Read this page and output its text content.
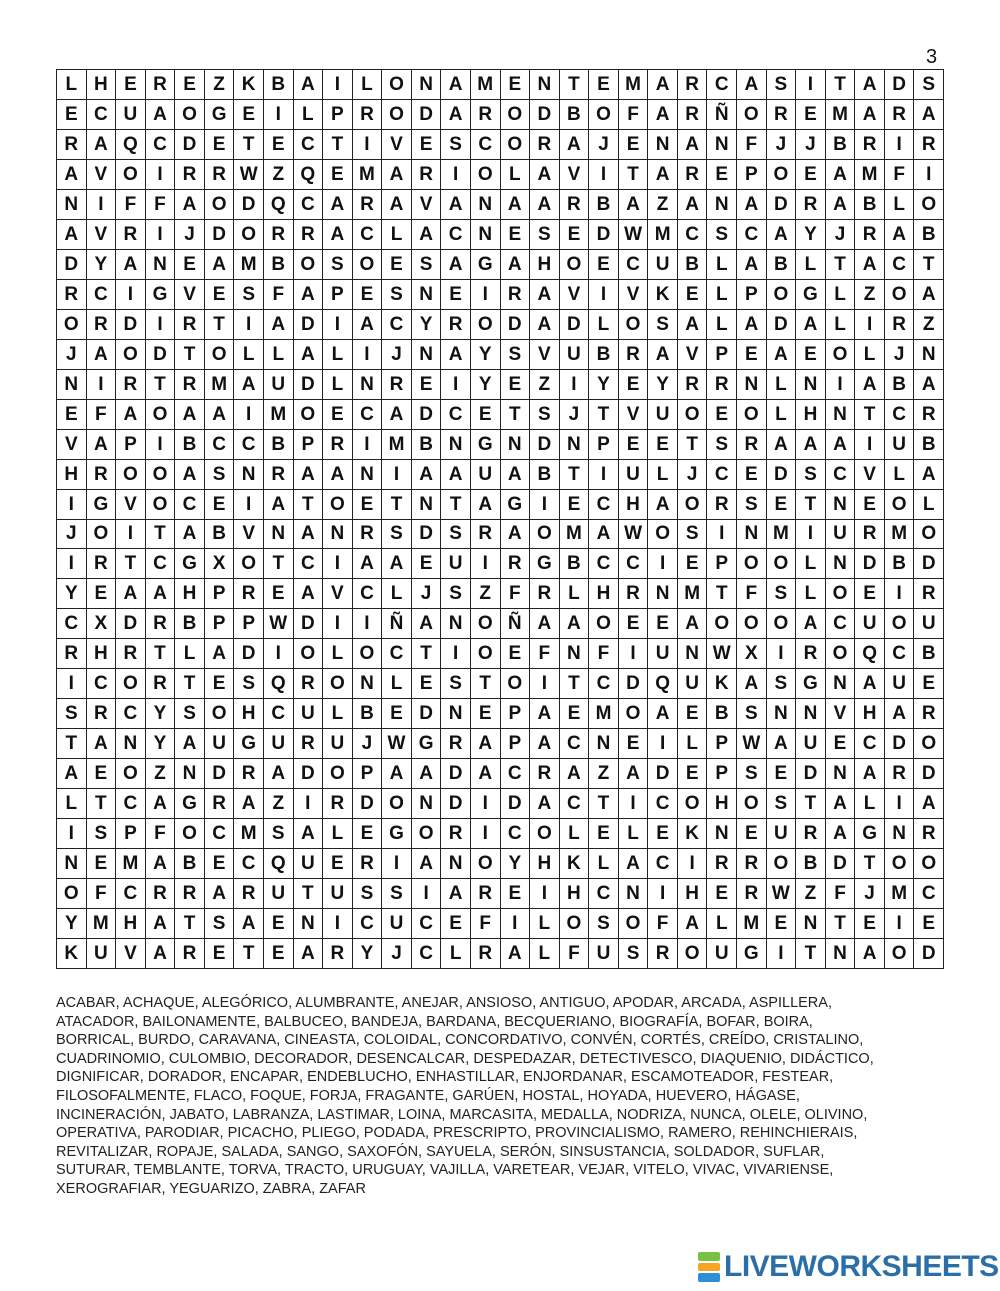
3
L H E R E Z K B A	I	L O N A M E N T E M A R C A S	I	T A D S
E C U A O G E	I	L P R O D A R O D B O F A R Ñ O R E M A R A
R A Q C D E T E C T	I	V E S C O R A J E N A N F J J B R	I	R
A V O	I	R R W Z Q E M A R	I	O L A V	I	T A R E P O E A M F	I
N	I	F F A O D Q C A R A V A N A A R B A Z A N A D R A B L O
A V R	I	J D O R R A C L A C N E S E D W M C S C A Y J R A B
D Y A N E A M B O S O E S A G A H O E C U B L A B L T A C T
R C	I	G V E S F A P E S N E	I	R A V	I	V K E L P O G L Z O A
O R D	I	R T	I	A D	I	A C Y R O D A D L O S A L A D A L	I	R Z
J A O D T O L L A L	I	J N A Y S V U B R A V P E A E O L J N
N	I	R T R M A U D L N R E	I	Y E Z	I	Y E Y R R N L N	I	A B A
E F A O A A	I	M O E C A D C E T S J T V U O E O L H N T C R
V A P	I	B C C B P R	I	M B N G N D N P E E T S R A A A	I	U B
H R O O A S N R A A N	I	A A U A B T	I	U L J C E D S C V L A
I	G V O C E	I	A T O E T N T A G	I	E C H A O R S E T N E O L
J O	I	T A B V N A N R S D S R A O M A W O S	I	N M	I	U R M O
I	R T C G X O T C	I	A A E U	I	R G B C C	I	E P O O L N D B D
Y E A A H P R E A V C L J S Z F R L H R N M T F S L O E	I	R
C X D R B P P W D	I	I	Ñ A N O Ñ A A O E E A O O O A C U O U
R H R T L A D	I	O L O C T	I	O E F N F	I	U N W X	I	R O Q C B
I	C O R T E S Q R O N L E S T O	I	T C D Q U K A S G N A U E
S R C Y S O H C U L B E D N E P A E M O A E B S N N V H A R
T A N Y A U G U R U J W G R A P A C N E	I	L P W A U E C D O
A E O Z N D R A D O P A A D A C R A Z A D E P S E D N A R D
L T C A G R A Z	I	R D O N D	I	D A C T	I	C O H O S T A L	I	A
I	S P F O C M S A L E G O R	I	C O L E L E K N E U R A G N R
N E M A B E C Q U E R	I	A N O Y H K L A C	I	R R O B D T O O
O F C R R A R U T U S S	I	A R E	I	H C N	I	H E R W Z F J M C
Y M H A T S A E N	I	C U C E F	I	L O S O F A L M E N T E	I	E
K U V A R E T E A R Y J C L R A L F U S R O U G	I	T N A O D
ACABAR, ACHAQUE, ALEGÓRICO, ALUMBRANTE, ANEJAR, ANSIOSO, ANTIGUO, APODAR, ARCADA, ASPILLERA,
ATACADOR, BAILONAMENTE, BALBUCEO, BANDEJA, BARDANA, BECQUERIANO, BIOGRAFÍA, BOFAR, BOIRA,
BORRICAL, BURDO, CARAVANA, CINEASTA, COLOIDAL, CONCORDATIVO, CONVÉN, CORTÉS, CREÍDO, CRISTALINO,
CUADRINOMIO, CULOMBIO, DECORADOR, DESENCALCAR, DESPEDAZAR, DETECTIVESCO, DIAQUENIO, DIDÁCTICO,
DIGNIFICAR, DORADOR, ENCAPAR, ENDEBLUCHO, ENHASTILLAR, ENJORDANAR, ESCAMOTEADOR, FESTEAR,
FILOSOFALMENTE, FLACO, FOQUE, FORJA, FRAGANTE, GARÚEN, HOSTAL, HOYADA, HUEVERO, HÁGASE,
INCINERACIÓN, JABATO, LABRANZA, LASTIMAR, LOINA, MARCASITA, MEDALLA, NODRIZA, NUNCA, OLELE, OLIVINO,
OPERATIVA, PARODIAR, PICACHO, PLIEGO, PODADA, PRESCRIPTO, PROVINCIALISMO, RAMERO, REHINCHIERAIS,
REVITALIZAR, ROPAJE, SALADA, SANGO, SAXOFÓN, SAYUELA, SERÓN, SINSUSTANCIA, SOLDADOR, SUFLAR,
SUTURAR, TEMBLANTE, TORVA, TRACTO, URUGUAY, VAJILLA, VARETEAR, VEJAR, VITELO, VIVAC, VIVARIENSE,
XEROGRAFIAR, YEGUARIZO, ZABRA, ZAFAR
LIVEWORKSHEETS
